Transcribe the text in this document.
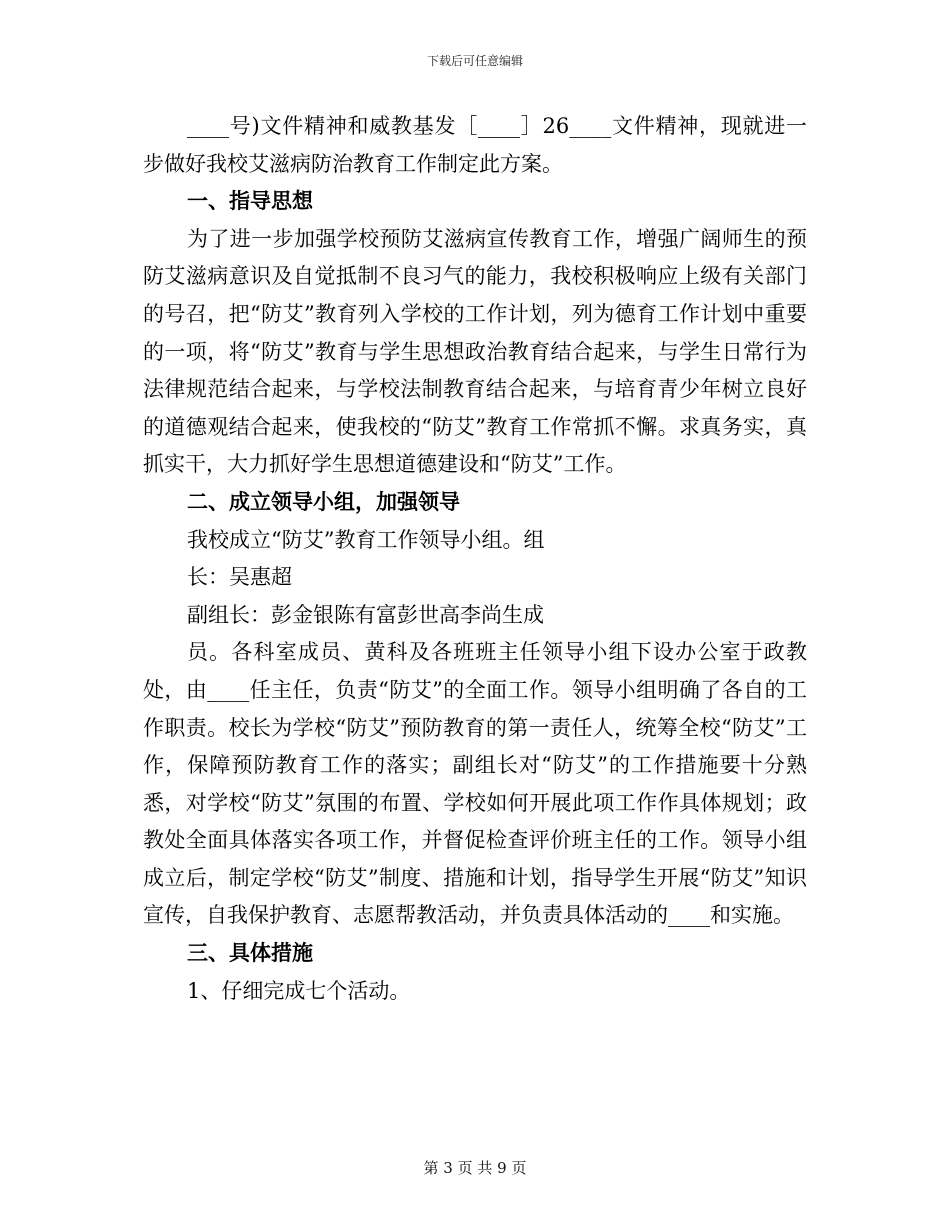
下载后可任意编辑

____号)文件精神和威教基发［____］26____文件精神，现就进一步做好我校艾滋病防治教育工作制定此方案。

一、指导思想

为了进一步加强学校预防艾滋病宣传教育工作，增强广阔师生的预防艾滋病意识及自觉抵制不良习气的能力，我校积极响应上级有关部门的号召，把“防艾”教育列入学校的工作计划，列为德育工作计划中重要的一项，将“防艾”教育与学生思想政治教育结合起来，与学生日常行为法律规范结合起来，与学校法制教育结合起来，与培育青少年树立良好的道德观结合起来，使我校的“防艾”教育工作常抓不懈。求真务实，真抓实干，大力抓好学生思想道德建设和“防艾”工作。

二、成立领导小组，加强领导

我校成立“防艾”教育工作领导小组。组

长：吴惠超

副组长：彭金银陈有富彭世高李尚生成

员。各科室成员、黄科及各班班主任领导小组下设办公室于政教处，由____任主任，负责“防艾”的全面工作。领导小组明确了各自的工作职责。校长为学校“防艾”预防教育的第一责任人，统筹全校“防艾”工作，保障预防教育工作的落实；副组长对“防艾”的工作措施要十分熟悉，对学校“防艾”氛围的布置、学校如何开展此项工作作具体规划；政教处全面具体落实各项工作，并督促检查评价班主任的工作。领导小组成立后，制定学校“防艾”制度、措施和计划，指导学生开展“防艾”知识宣传，自我保护教育、志愿帮教活动，并负责具体活动的____和实施。

三、具体措施

1、仔细完成七个活动。

第 3 页 共 9 页
